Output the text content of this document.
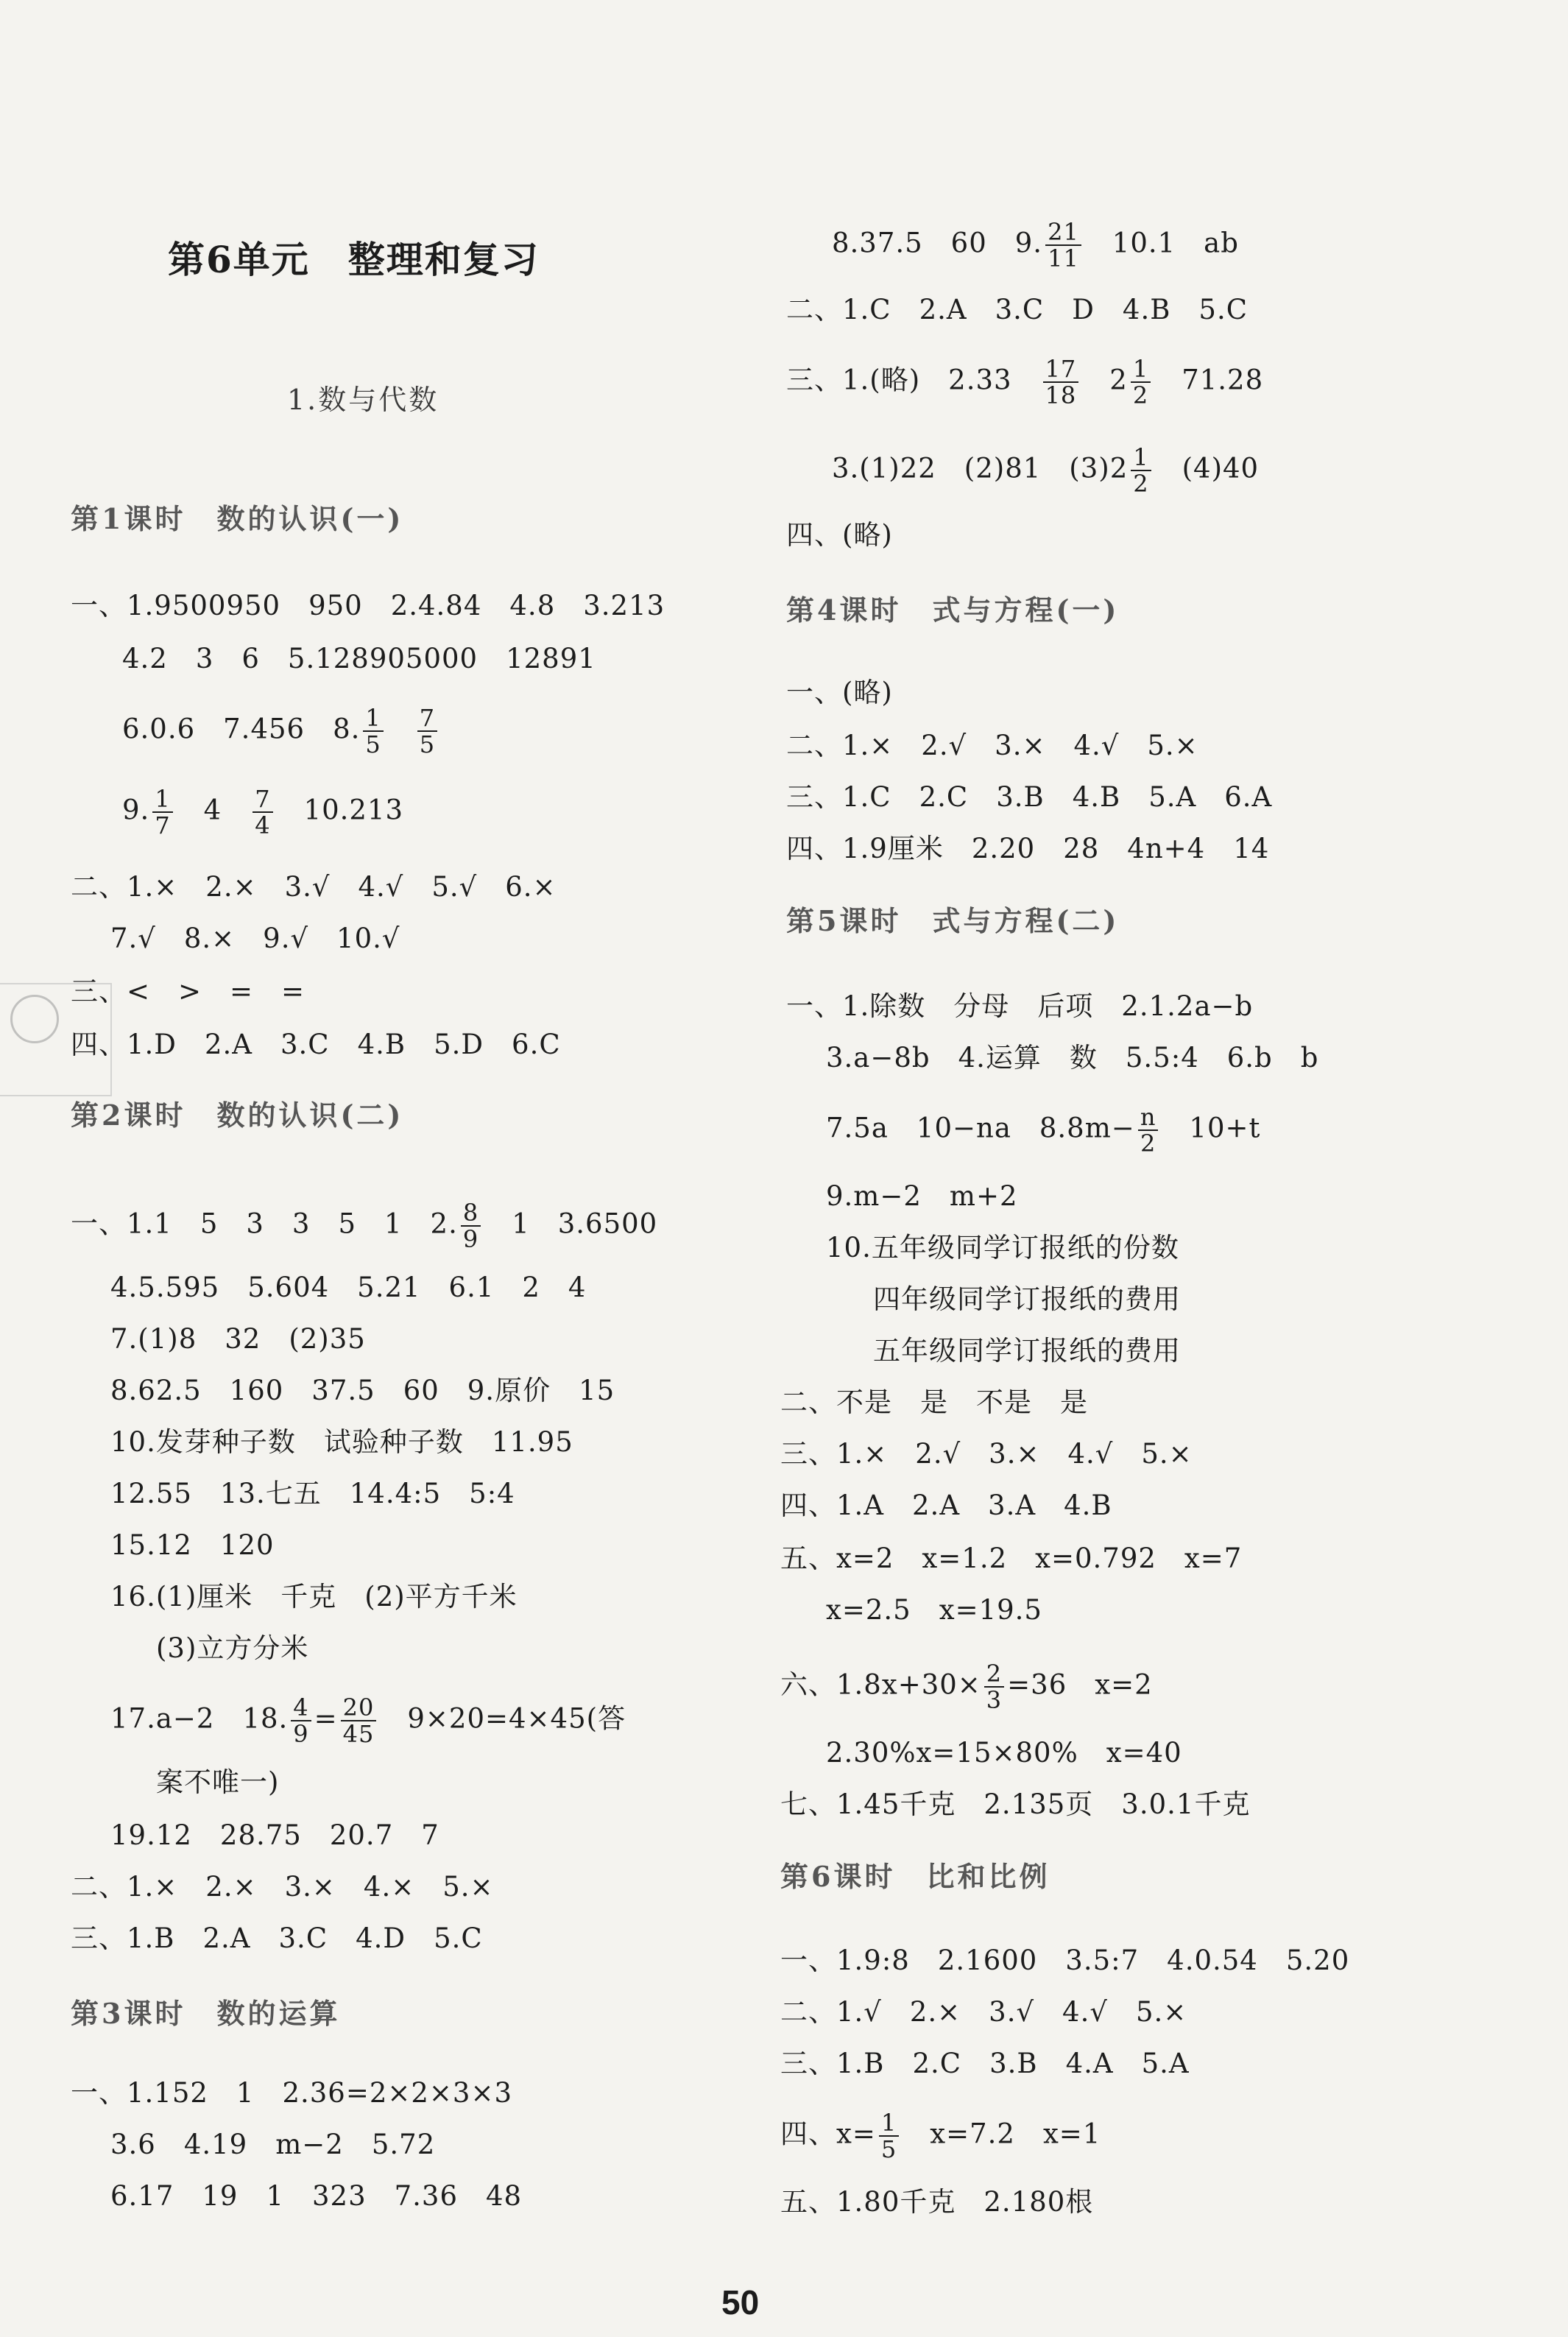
第6单元　整理和复习
1.数与代数
第1课时　数的认识(一)
一、1.9500950　950　2.4.84　4.8　3.213
4.2　3　6　5.128905000　12891
6.0.6　7.456　8. $\frac{1}{5}$
　 $\frac{7}{5}$
9. $\frac{1}{7}$
　 4　 $\frac{7}{4}$
　 10.213
二、1.×　2.×　3.√　4.√　5.√　6.×
7.√　8.×　9.√　10.√
三、<　>　=　=
四、1.D　2.A　3.C　4.B　5.D　6.C
第2课时　数的认识(二)
一、1.1　5　3　3　5　1　2. $\frac{8}{9}$
　 1　3.6500
4.5.595　5.604　5.21　6.1　2　4
7.(1)8　32　(2)35
8.62.5　160　37.5　60　9.原价　15
10.发芽种子数　试验种子数　11.95
12.55　13.七五　14.4:5　5:4
15.12　120
16.(1)厘米　千克　(2)平方千米
(3)立方分米
17.a−2　18. $\frac{4}{9} = \frac{20}{45}$
　 9×20=4×45(答
案不唯一)
19.12　28.75　20.7　7
二、1.×　2.×　3.×　4.×　5.×
三、1.B　2.A　3.C　4.D　5.C
第3课时　数的运算
一、1.152　1　2.36=2×2×3×3
3.6　4.19　m−2　5.72
6.17　19　1　323　7.36　48
8.37.5　60　9. $\frac{21}{11}$
　 10.1　ab
二、1.C　2.A　3.C　D　4.B　5.C
三、1.(略)　2.33　 $\frac{17}{18}$
　 $2 \frac{1}{2}$
　 71.28
3.(1)22　(2)81　$(3)2 \frac{1}{2}$
　 (4)40
四、(略)
第4课时　式与方程(一)
一、(略)
二、1.×　2.√　3.×　4.√　5.×
三、1.C　2.C　3.B　4.B　5.A　6.A
四、1.9厘米　2.20　28　4n+4　14
第5课时　式与方程(二)
一、1.除数　分母　后项　2.1.2a−b
3.a−8b　4.运算　数　5.5:4　6.b　b
7.5a　10−na　$8.8m- \frac{n}{2}$
　 10+t
9.m−2　m+2
10.五年级同学订报纸的份数
四年级同学订报纸的费用
五年级同学订报纸的费用
二、不是　是　不是　是
三、1.×　2.√　3.×　4.√　5.×
四、1.A　2.A　3.A　4.B
五、x=2　x=1.2　x=0.792　x=7
x=2.5　x=19.5
六、$1.8x+30\times \frac{2}{3} =36$　x=2
2.30%x=15×80%　x=40
七、1.45千克　2.135页　3.0.1千克
第6课时　比和比例
一、1.9:8　2.1600　3.5:7　4.0.54　5.20
二、1.√　2.×　3.√　4.√　5.×
三、1.B　2.C　3.B　4.A　5.A
四、$x= \frac{1}{5}$
　 x=7.2　x=1
五、1.80千克　2.180根
50
